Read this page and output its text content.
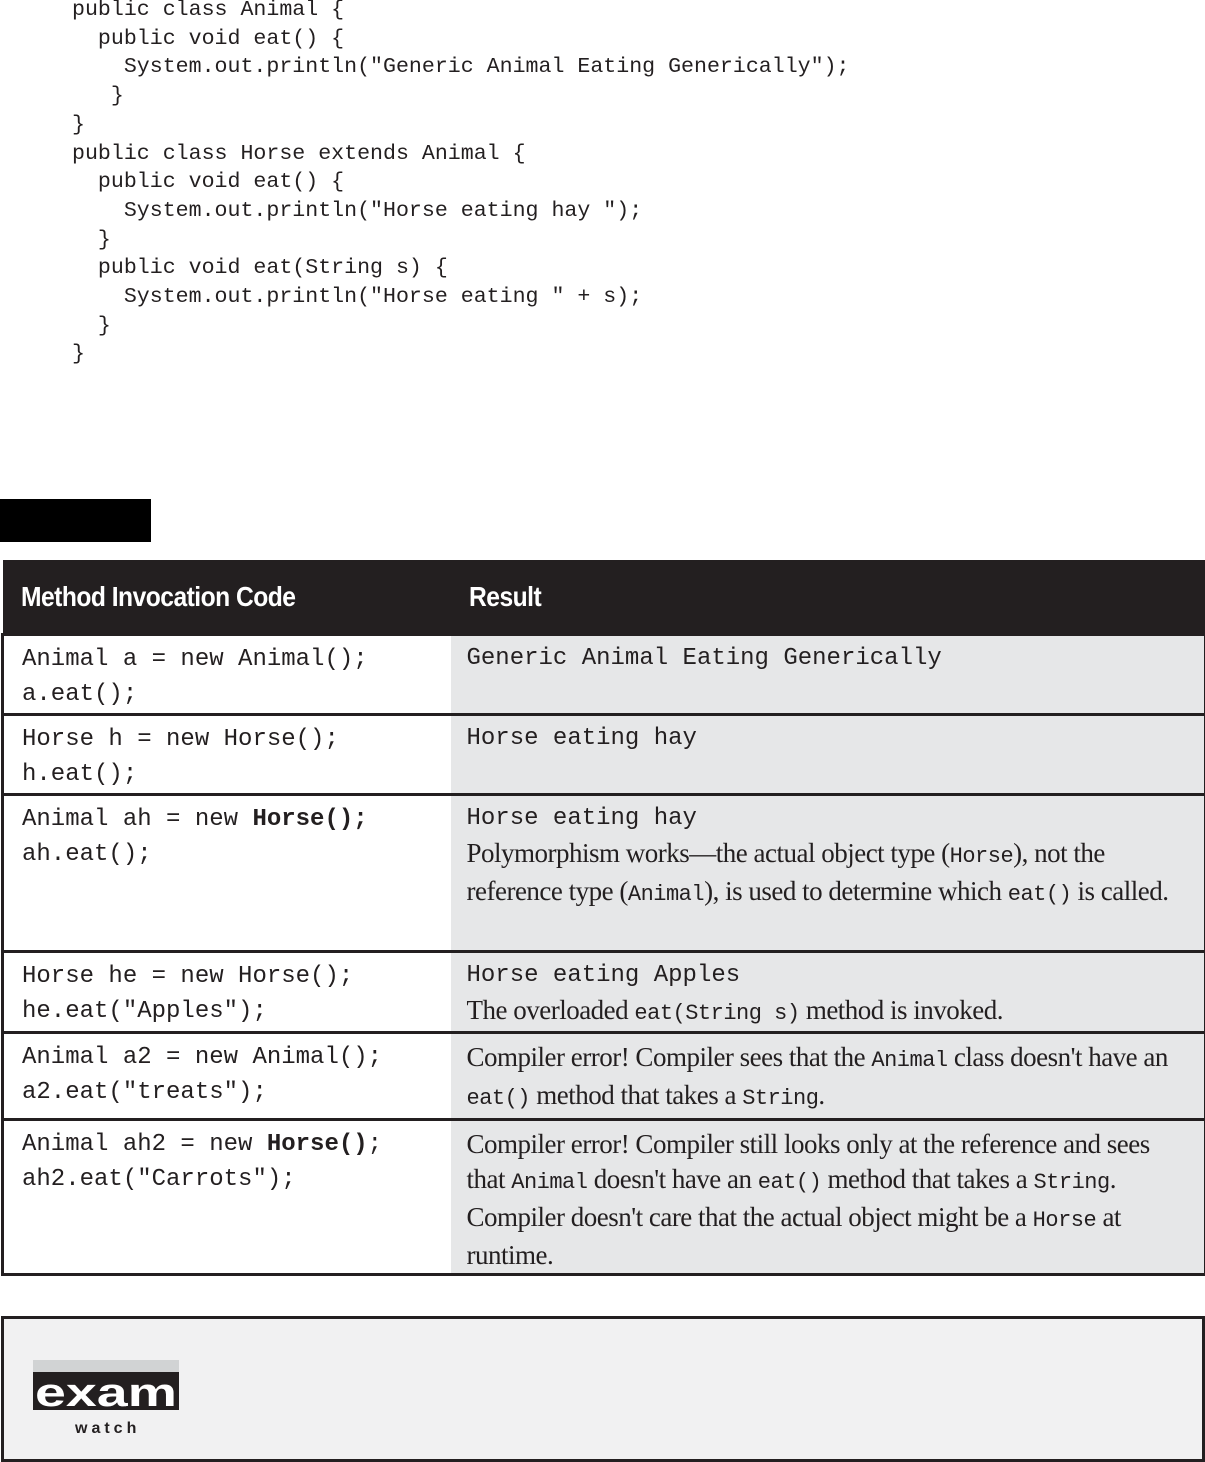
public class Animal {
public void eat() {
System.out.println("Generic Animal Eating Generically");
}
}
public class Horse extends Animal {
public void eat() {
System.out.println("Horse eating hay ");
}
public void eat(String s) {
System.out.println("Horse eating " + s);
}
}
Method Invocation Code	Result

Animal a = new Animal();
a.eat();	Generic Animal Eating Generically

Horse h = new Horse();
h.eat();	Horse eating hay

Animal ah = new Horse();
ah.eat();	Horse eating hay
Polymorphism works—the actual object type (Horse), not the reference type (Animal), is used to determine which eat() is called.

Horse he = new Horse();
he.eat("Apples");	Horse eating Apples
The overloaded eat(String s) method is invoked.

Animal a2 = new Animal();
a2.eat("treats");	Compiler error! Compiler sees that the Animal class doesn't have an eat() method that takes a String.

Animal ah2 = new Horse();
ah2.eat("Carrots");	Compiler error! Compiler still looks only at the reference and sees that Animal doesn't have an eat() method that takes a String. Compiler doesn't care that the actual object might be a Horse at runtime.
exam
watch
